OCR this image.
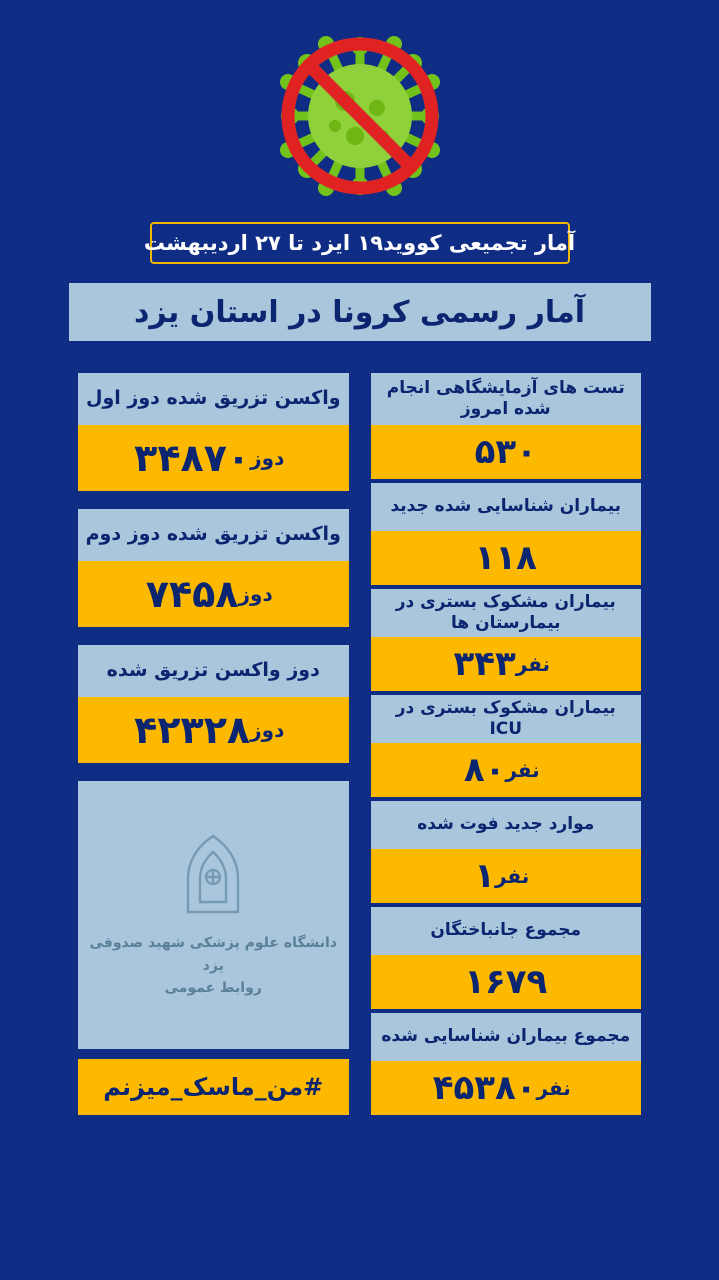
آمار تجمیعی کووید۱۹ ایزد تا ۲۷ اردیبهشت
آمار رسمی کرونا در استان یزد
تست های آزمایشگاهی انجام شده امروز
۵۳۰
بیماران شناسایی شده جدید
۱۱۸
بیماران مشکوک بستری در بیمارستان ها
نفر
۳۴۳
بیماران مشکوک بستری در ICU
نفر
۸۰
موارد جدید فوت شده
نفر
۱
مجموع جانباختگان
۱۶۷۹
مجموع بیماران شناسایی شده
نفر
۴۵۳۸۰
واکسن تزریق شده دوز اول
دوز
۳۴۸۷۰
واکسن تزریق شده دوز دوم
دوز
۷۴۵۸
دوز واکسن تزریق شده
دوز
۴۲۳۲۸
دانشگاه علوم پزشکی شهید صدوقی یزد
روابط عمومی
#من_ماسک_میزنم
